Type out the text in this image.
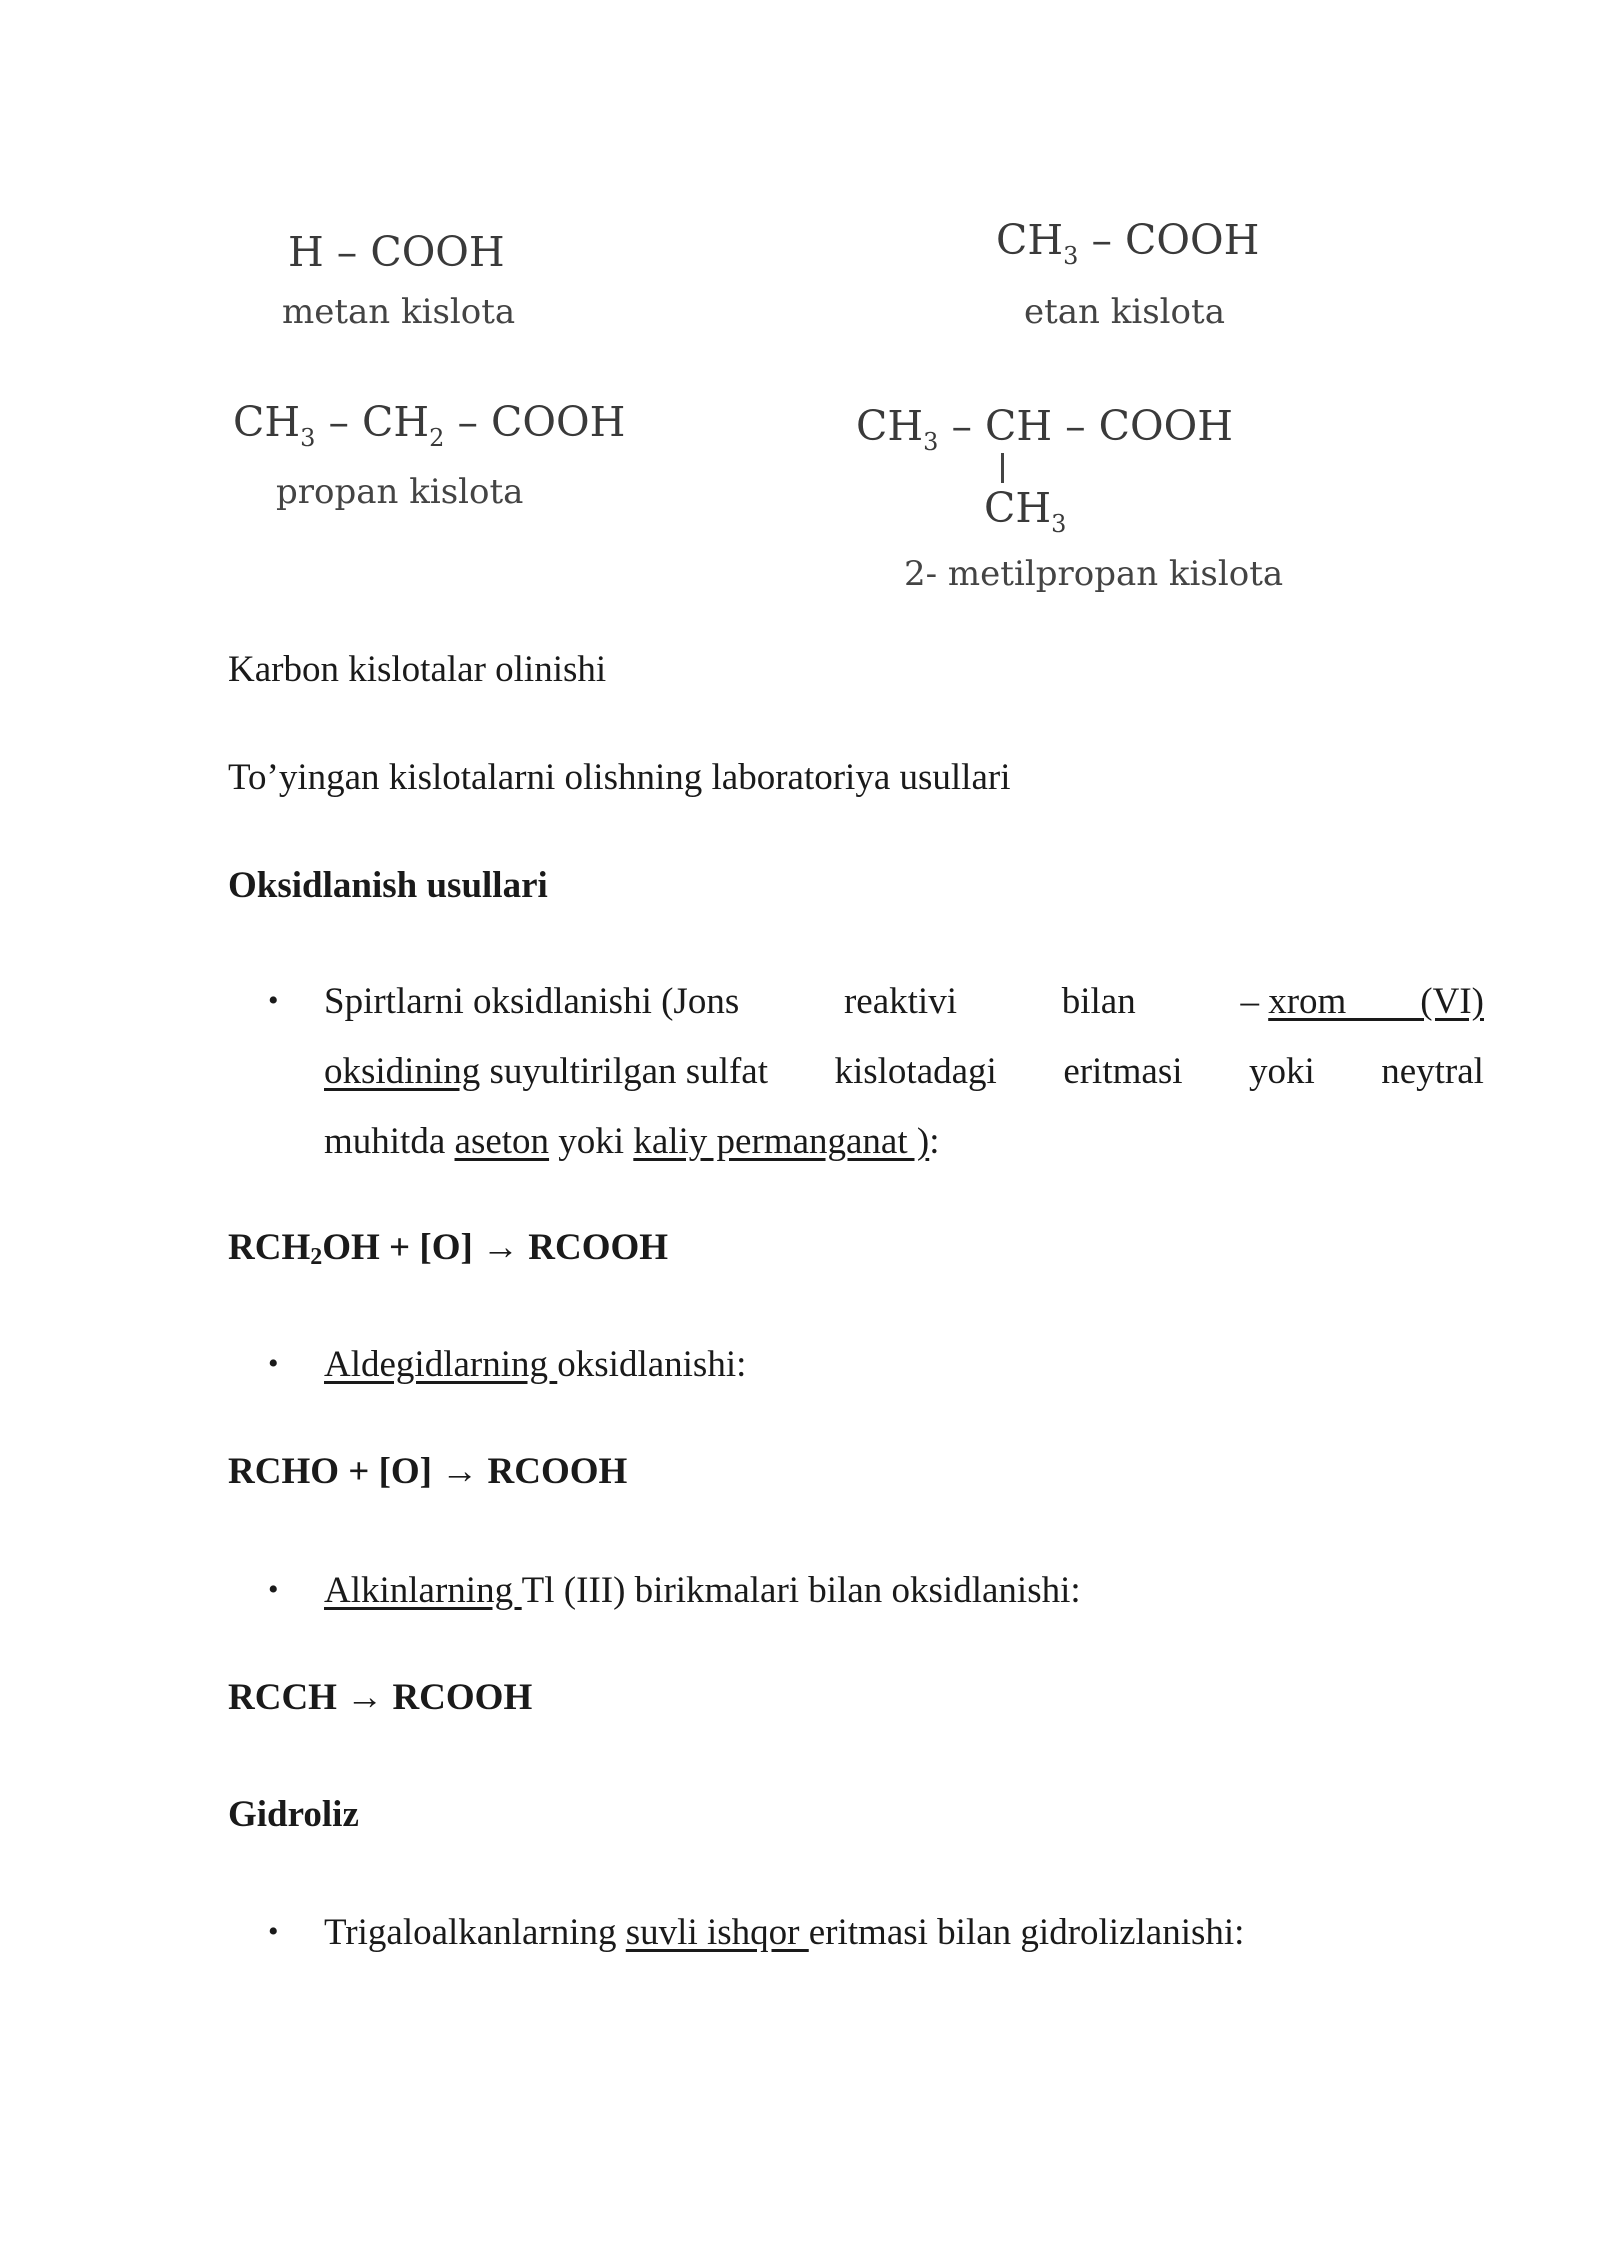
H – COOH
metan kislota
$CH_3$ – COOH
etan kislota
$CH_3 - CH_2$ – COOH
propan kislota
$CH_3$ – CH – COOH
$CH_3$
2- metilpropan kislota
Karbon kislotalar olinishi
To’yingan kislotalarni olishning laboratoriya usullari
Oksidlanish usullari
• Spirtlarni oksidlanishi (Jons	reaktivi	bilan	– xrom        (VI)
oksidining suyultirilgan sulfat kislotadagi eritmasi yoki neytral
muhitda aseton yoki kaliy permanganat ):
RCH2OH + [O] → RCOOH
• Aldegidlarning oksidlanishi:
RCHO + [O] → RCOOH
• Alkinlarning Tl (III) birikmalari bilan oksidlanishi:
RCCH → RCOOH
Gidroliz
• Trigaloalkanlarning suvli ishqor eritmasi bilan gidrolizlanishi:
